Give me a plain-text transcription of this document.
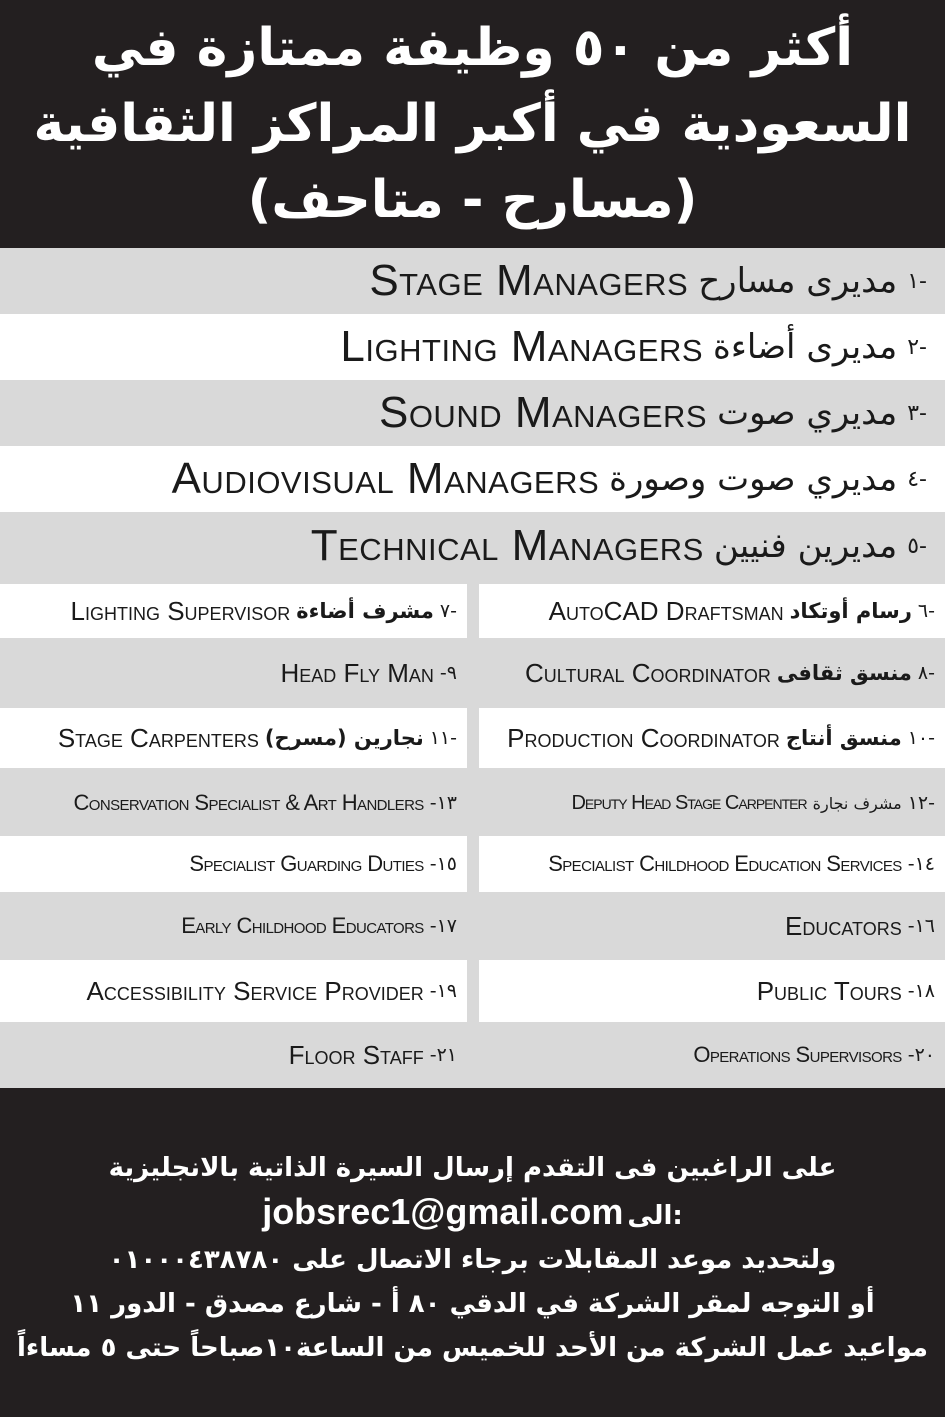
أكثر من ٥٠ وظيفة ممتازة في
السعودية في أكبر المراكز الثقافية
(مسارح - متاحف)
Stage Managers مديرى مسارح ١-
Lighting Managers مديرى أضاءة ٢-
Sound Managers مديري صوت ٣-
Audiovisual Managers مديري صوت وصورة ٤-
Technical Managers مديرين فنيين ٥-
AutoCAD Draftsman رسام أوتكاد ٦-
Lighting Supervisor مشرف أضاءة ٧-
Cultural Coordinator منسق ثقافى ٨-
Head Fly Man -٩
Production Coordinator منسق أنتاج ١٠-
Stage Carpenters نجارين (مسرح) ١١-
Deputy Head Stage Carpenter مشرف نجارة ١٢-
Conservation Specialist & Art Handlers -١٣
Specialist Childhood Education Services -١٤
Specialist Guarding Duties -١٥
Educators -١٦
Early Childhood Educators -١٧
Public Tours -١٨
Accessibility Service Provider -١٩
Operations Supervisors -٢٠
Floor Staff -٢١
على الراغبين فى التقدم إرسال السيرة الذاتية بالانجليزية
jobsrec1@gmail.com الى:
ولتحديد موعد المقابلات برجاء الاتصال على ٠١٠٠٠٤٣٨٧٨٠
أو التوجه لمقر الشركة في الدقي ٨٠ أ - شارع مصدق - الدور ١١
مواعيد عمل الشركة من الأحد للخميس من الساعة١٠صباحاً حتى ٥ مساءاً
